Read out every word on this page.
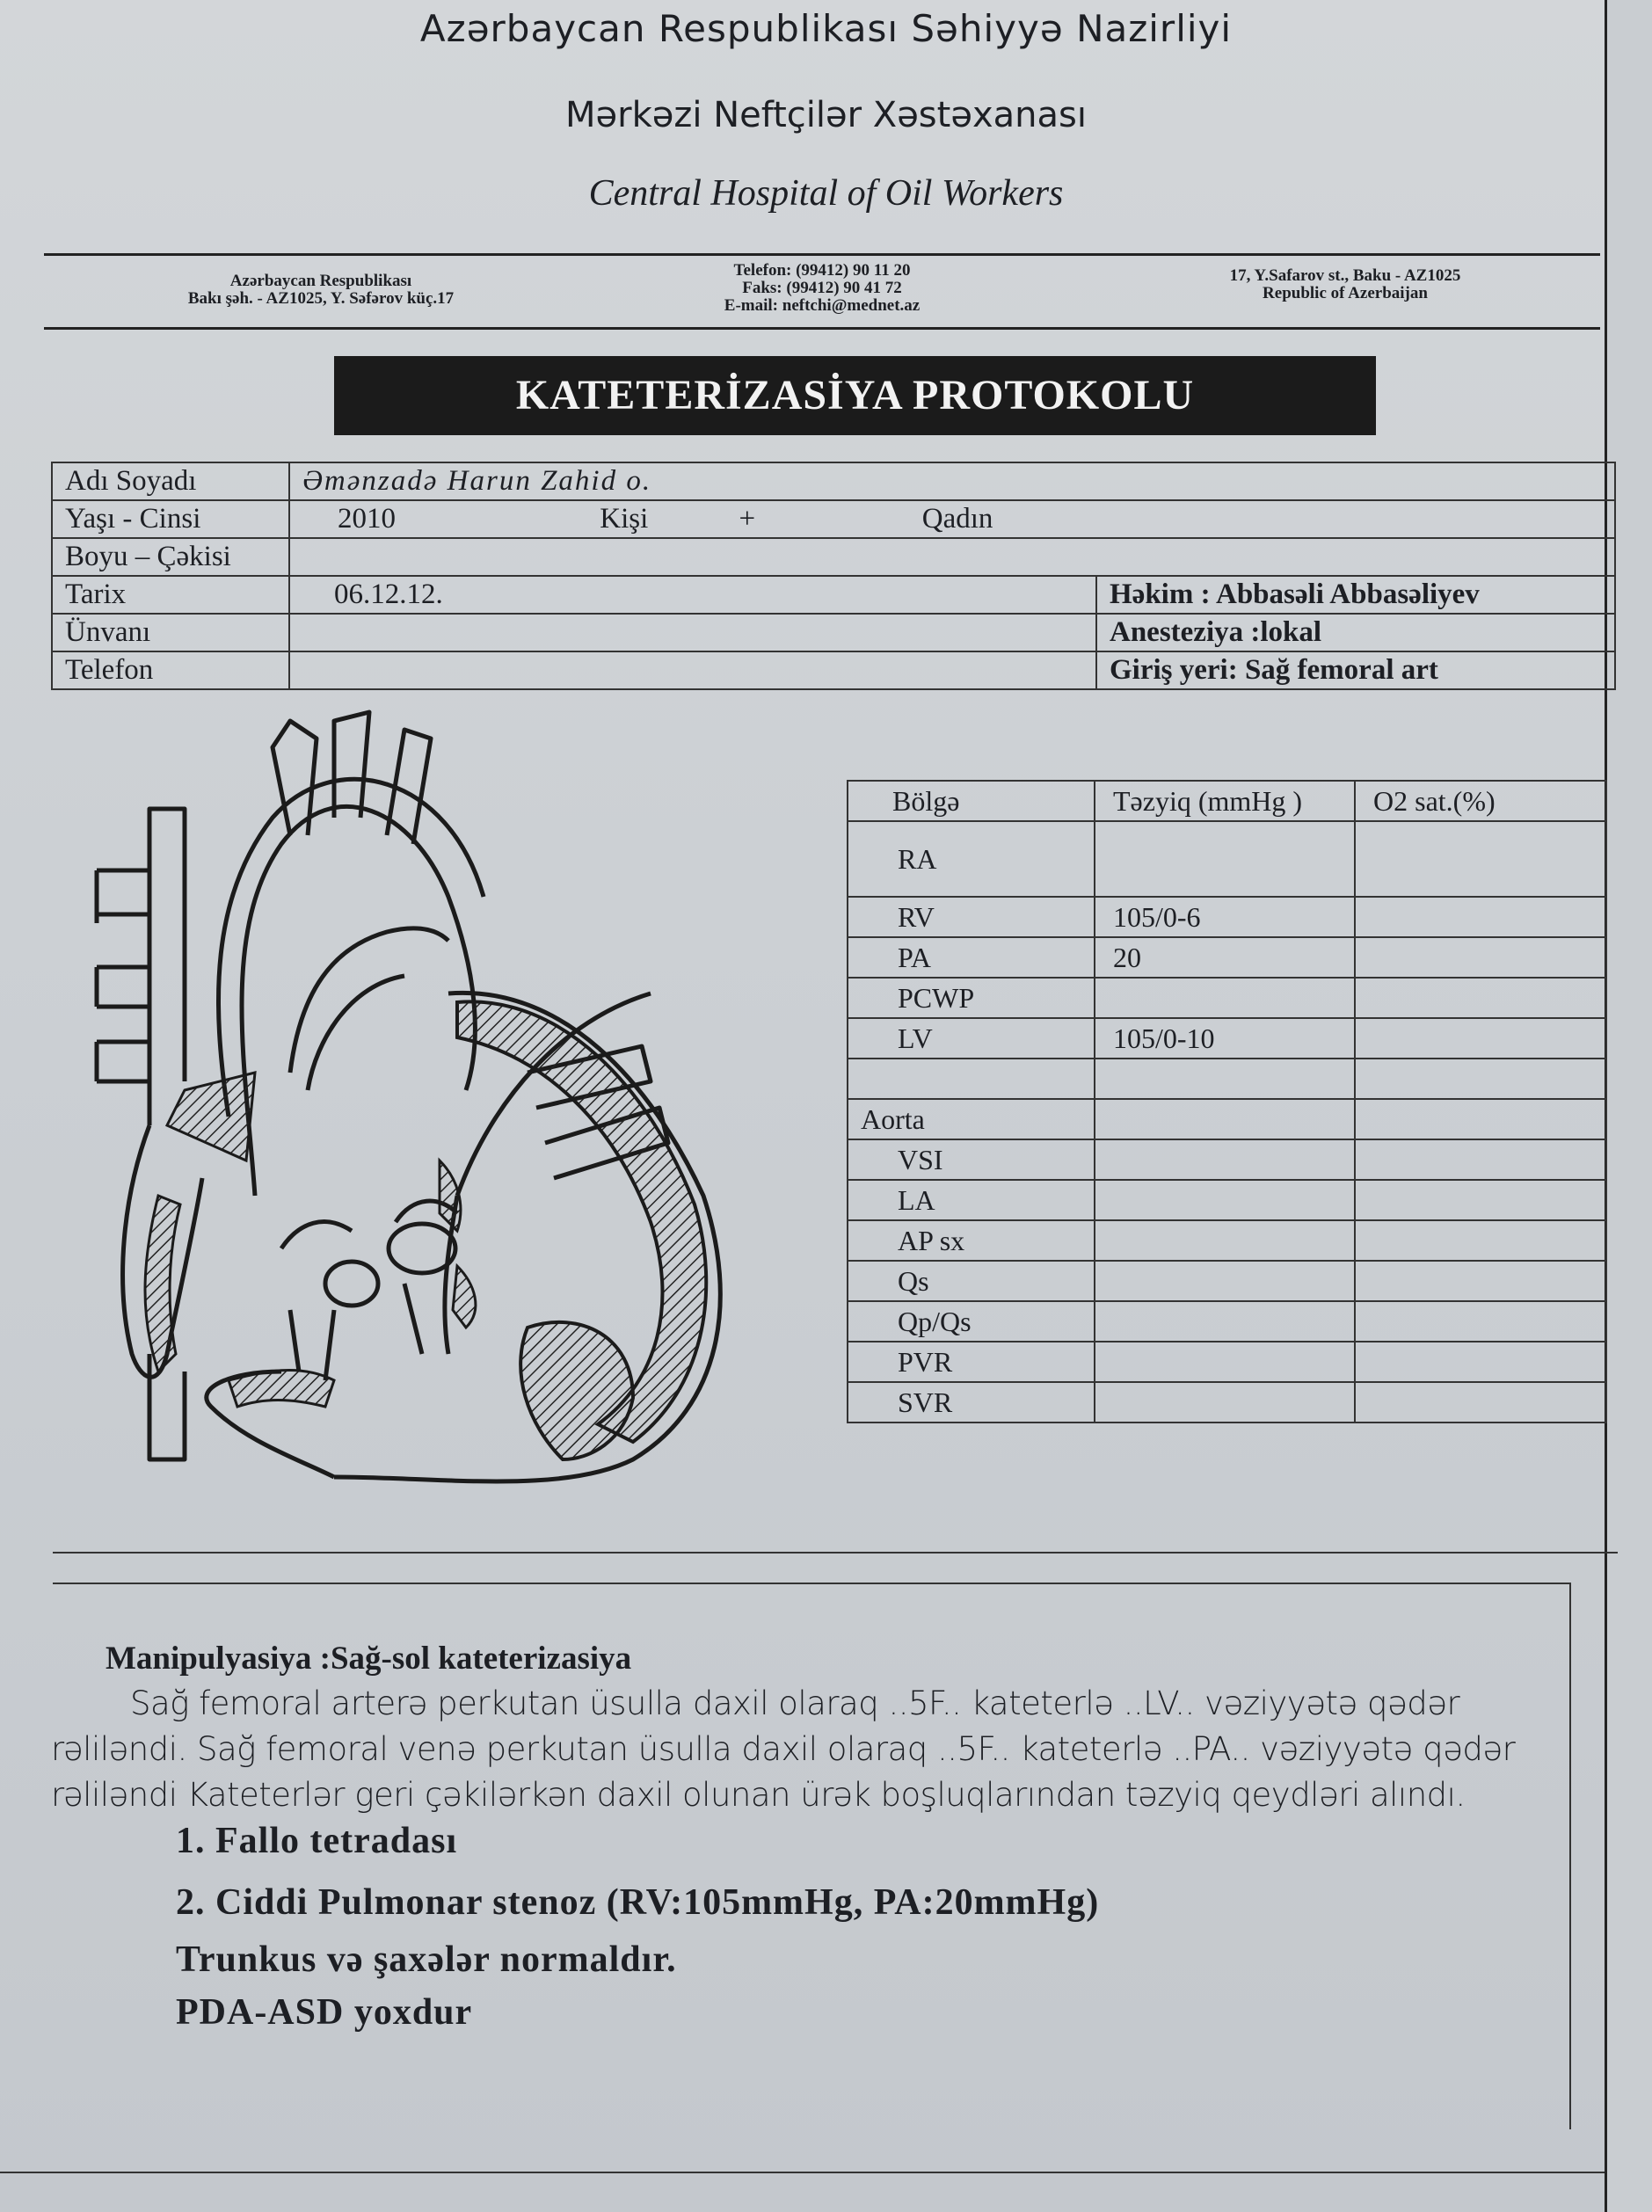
Azərbaycan Respublikası Səhiyyə Nazirliyi
Mərkəzi Neftçilər Xəstəxanası
Central Hospital of Oil Workers
Azərbaycan Respublikası
Bakı şəh. - AZ1025, Y. Səfərov küç.17
Telefon: (99412) 90 11 20
Faks: (99412) 90 41 72
E-mail: neftchi@mednet.az
17, Y.Safarov st., Baku - AZ1025
Republic of Azerbaijan
KATETERİZASİYA PROTOKOLU
Adı Soyadı	Əmənzadə Harun Zahid o.	
Yaşı - Cinsi	2010 Kişi + Qadın	
Boyu – Çəkisi		
Tarix	06.12.12.	Həkim : Abbasəli Abbasəliyev
Ünvanı		Anesteziya :lokal
Telefon		Giriş yeri: Sağ femoral art
Bölgə	Təzyiq (mmHg )	O2 sat.(%)
RA		
RV	105/0-6	
PA	20	
PCWP		
LV	105/0-10	

Aorta		
VSI		
LA		
AP sx		
Qs		
Qp/Qs		
PVR		
SVR		
Manipulyasiya :Sağ-sol kateterizasiya
Sağ femoral arterə perkutan üsulla daxil olaraq ..5F.. kateterlə ..LV.. vəziyyətə qədər rəlilәndi. Sağ femoral venə perkutan üsulla daxil olaraq ..5F.. kateterlə ..PA.. vəziyyətə qədər rəlilәndi Kateterlər geri çəkilərkən daxil olunan ürək boşluqlarından təzyiq qeydləri alındı.
1. Fallo tetradası
2. Ciddi Pulmonar stenoz (RV:105mmHg, PA:20mmHg)
Trunkus və şaxələr normaldır.
PDA-ASD yoxdur
